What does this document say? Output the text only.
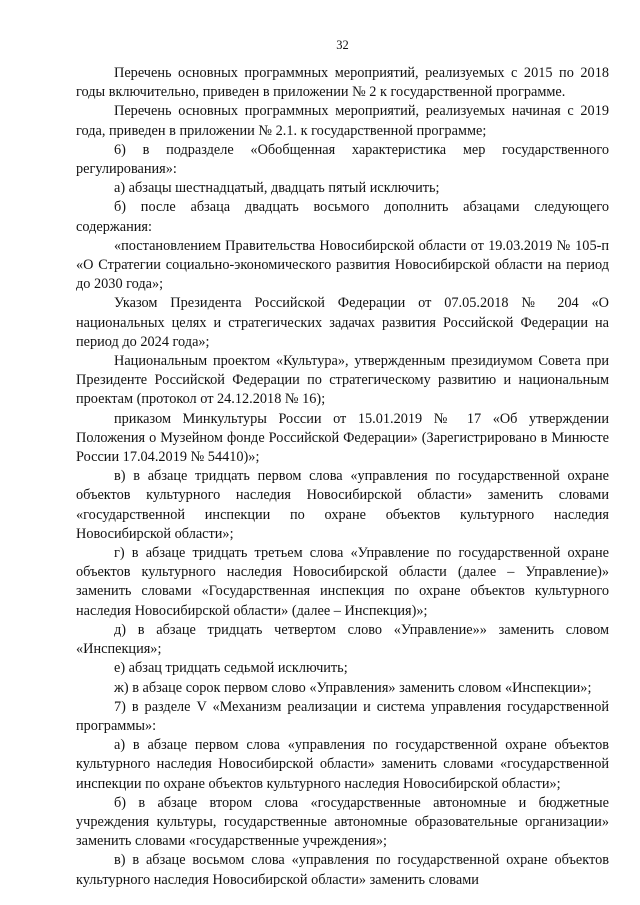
32

Перечень основных программных мероприятий, реализуемых с 2015 по 2018 годы включительно, приведен в приложении № 2 к государственной программе.

Перечень основных программных мероприятий, реализуемых начиная с 2019 года, приведен в приложении № 2.1. к государственной программе;

6) в подразделе «Обобщенная характеристика мер государственного регулирования»:

а) абзацы шестнадцатый, двадцать пятый исключить;

б) после абзаца двадцать восьмого дополнить абзацами следующего содержания:

«постановлением Правительства Новосибирской области от 19.03.2019 № 105-п «О Стратегии социально-экономического развития Новосибирской области на период до 2030 года»;

Указом Президента Российской Федерации от 07.05.2018 № 204 «О национальных целях и стратегических задачах развития Российской Федерации на период до 2024 года»;

Национальным проектом «Культура», утвержденным президиумом Совета при Президенте Российской Федерации по стратегическому развитию и национальным проектам (протокол от 24.12.2018 № 16);

приказом Минкультуры России от 15.01.2019 № 17 «Об утверждении Положения о Музейном фонде Российской Федерации» (Зарегистрировано в Минюсте России 17.04.2019 № 54410)»;

в) в абзаце тридцать первом слова «управления по государственной охране объектов культурного наследия Новосибирской области» заменить словами «государственной инспекции по охране объектов культурного наследия Новосибирской области»;

г) в абзаце тридцать третьем слова «Управление по государственной охране объектов культурного наследия Новосибирской области (далее – Управление)» заменить словами «Государственная инспекция по охране объектов культурного наследия Новосибирской области» (далее – Инспекция)»;

д) в абзаце тридцать четвертом слово «Управление»» заменить словом «Инспекция»;

е) абзац тридцать седьмой исключить;

ж) в абзаце сорок первом слово «Управления» заменить словом «Инспекции»;

7) в разделе V «Механизм реализации и система управления государственной программы»:

а) в абзаце первом слова «управления по государственной охране объектов культурного наследия Новосибирской области» заменить словами «государственной инспекции по охране объектов культурного наследия Новосибирской области»;

б) в абзаце втором слова «государственные автономные и бюджетные учреждения культуры, государственные автономные образовательные организации» заменить словами «государственные учреждения»;

в) в абзаце восьмом слова «управления по государственной охране объектов культурного наследия Новосибирской области» заменить словами
